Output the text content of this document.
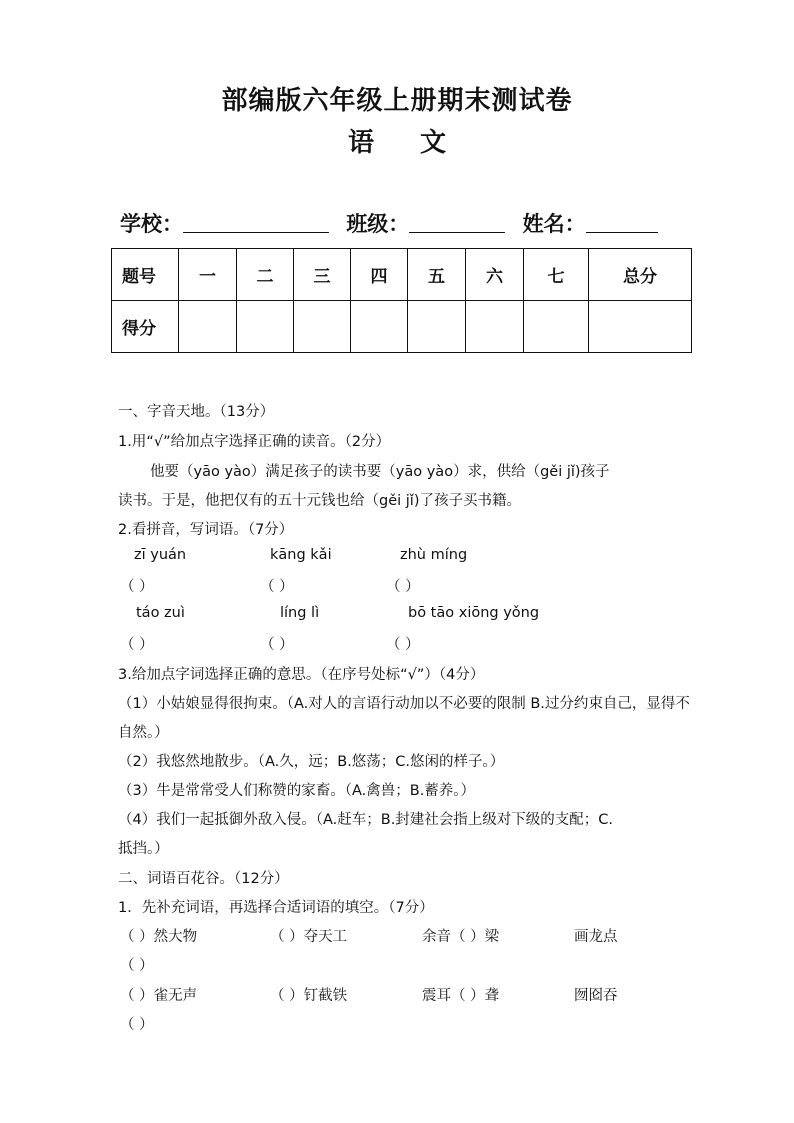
部编版六年级上册期末测试卷
语 文
学校：	班级：	姓名：
题号	一	二	三	四	五	六	七	总分
得分								
一、字音天地。（13分）
1.用“√”给加点字选择正确的读音。（2分）
他要（yāo yào）满足孩子的读书要（yāo yào）求，供给（gěi jǐ)孩子
读书。于是，他把仅有的五十元钱也给（gěi jǐ)了孩子买书籍。
2.看拼音，写词语。（7分）
zī yuán	kāng kǎi	zhù míng
（ ）	（ ）	（ ）
táo zuì	líng lì	bō tāo xiōng yǒng
（ ）	（ ）	（ ）
3.给加点字词选择正确的意思。（在序号处标“√”）（4分）
（1）小姑娘显得很拘束。（A.对人的言语行动加以不必要的限制 B.过分约束自己，显得不
自然。）
（2）我悠然地散步。（A.久，远；B.悠荡；C.悠闲的样子。）
（3）牛是常常受人们称赞的家畜。（A.禽兽；B.蓄养。）
（4）我们一起抵御外敌入侵。（A.赶车；B.封建社会指上级对下级的支配；C.
抵挡。）
二、词语百花谷。（12分）
1．先补充词语，再选择合适词语的填空。（7分）
（ ）然大物	（ ）夺天工	余音（ ）梁	画龙点
（ ）
（ ）雀无声	（ ）钉截铁	震耳（ ）聋	囫囵吞
（ ）
